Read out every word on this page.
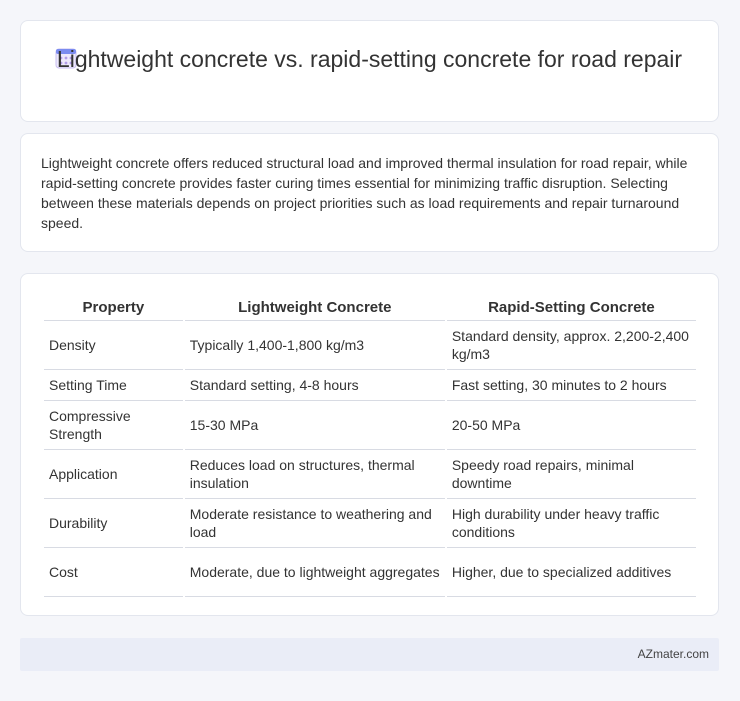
Lightweight concrete vs. rapid-setting concrete for road repair

Lightweight concrete offers reduced structural load and improved thermal insulation for road repair, while rapid-setting concrete provides faster curing times essential for minimizing traffic disruption. Selecting between these materials depends on project priorities such as load requirements and repair turnaround speed.

Property	Lightweight Concrete	Rapid-Setting Concrete
Density	Typically 1,400-1,800 kg/m3	Standard density, approx. 2,200-2,400 kg/m3
Setting Time	Standard setting, 4-8 hours	Fast setting, 30 minutes to 2 hours
Compressive Strength	15-30 MPa	20-50 MPa
Application	Reduces load on structures, thermal insulation	Speedy road repairs, minimal downtime
Durability	Moderate resistance to weathering and load	High durability under heavy traffic conditions
Cost	Moderate, due to lightweight aggregates	Higher, due to specialized additives
AZmater.com
